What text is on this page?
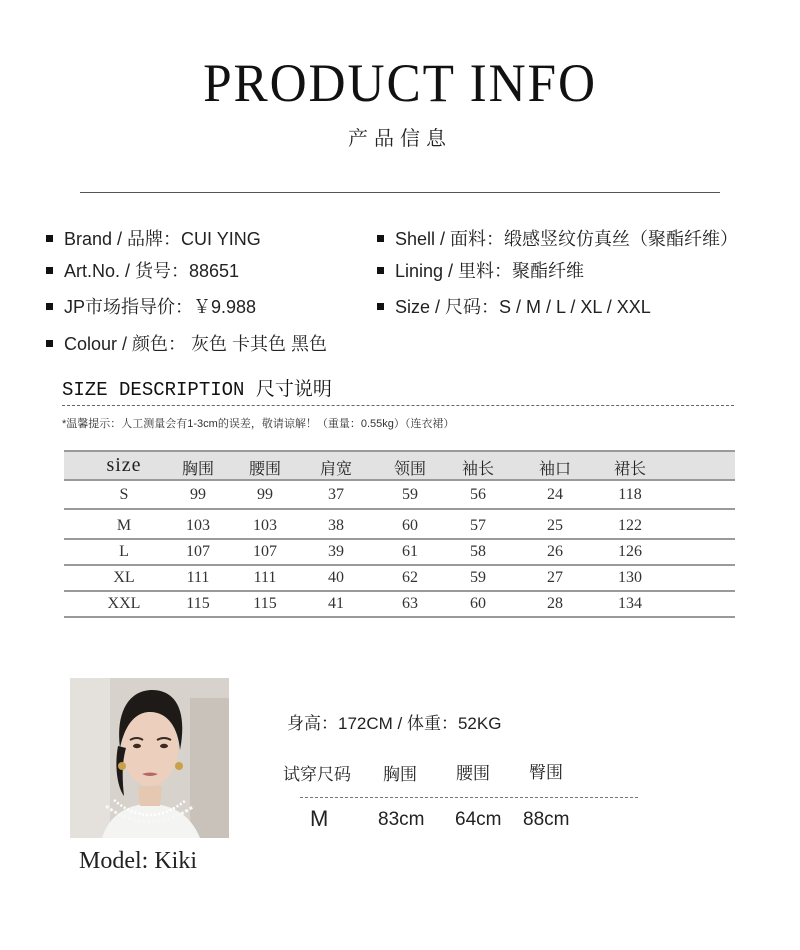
PRODUCT INFO
产品信息
Brand / 品牌：CUI YING
Art.No. / 货号：88651
JP市场指导价：￥9.988
Colour / 颜色： 灰色 卡其色 黑色
Shell / 面料：缎感竖纹仿真丝（聚酯纤维）
Lining / 里料：聚酯纤维
Size / 尺码：S / M / L / XL / XXL
SIZE DESCRIPTION 尺寸说明
*温馨提示：人工测量会有1-3cm的误差，敬请谅解！（重量：0.55kg）（连衣裙）
size	胸围	腰围	肩宽	领围	袖长	袖口	裙长
S	99	99	37	59	56	24	118
M	103	103	38	60	57	25	122
L	107	107	39	61	58	26	126
XL	111	111	40	62	59	27	130
XXL	115	115	41	63	60	28	134
Model: Kiki
身高：172CM / 体重：52KG
试穿尺码 胸围 腰围 臀围
M	83cm 64cm 88cm
